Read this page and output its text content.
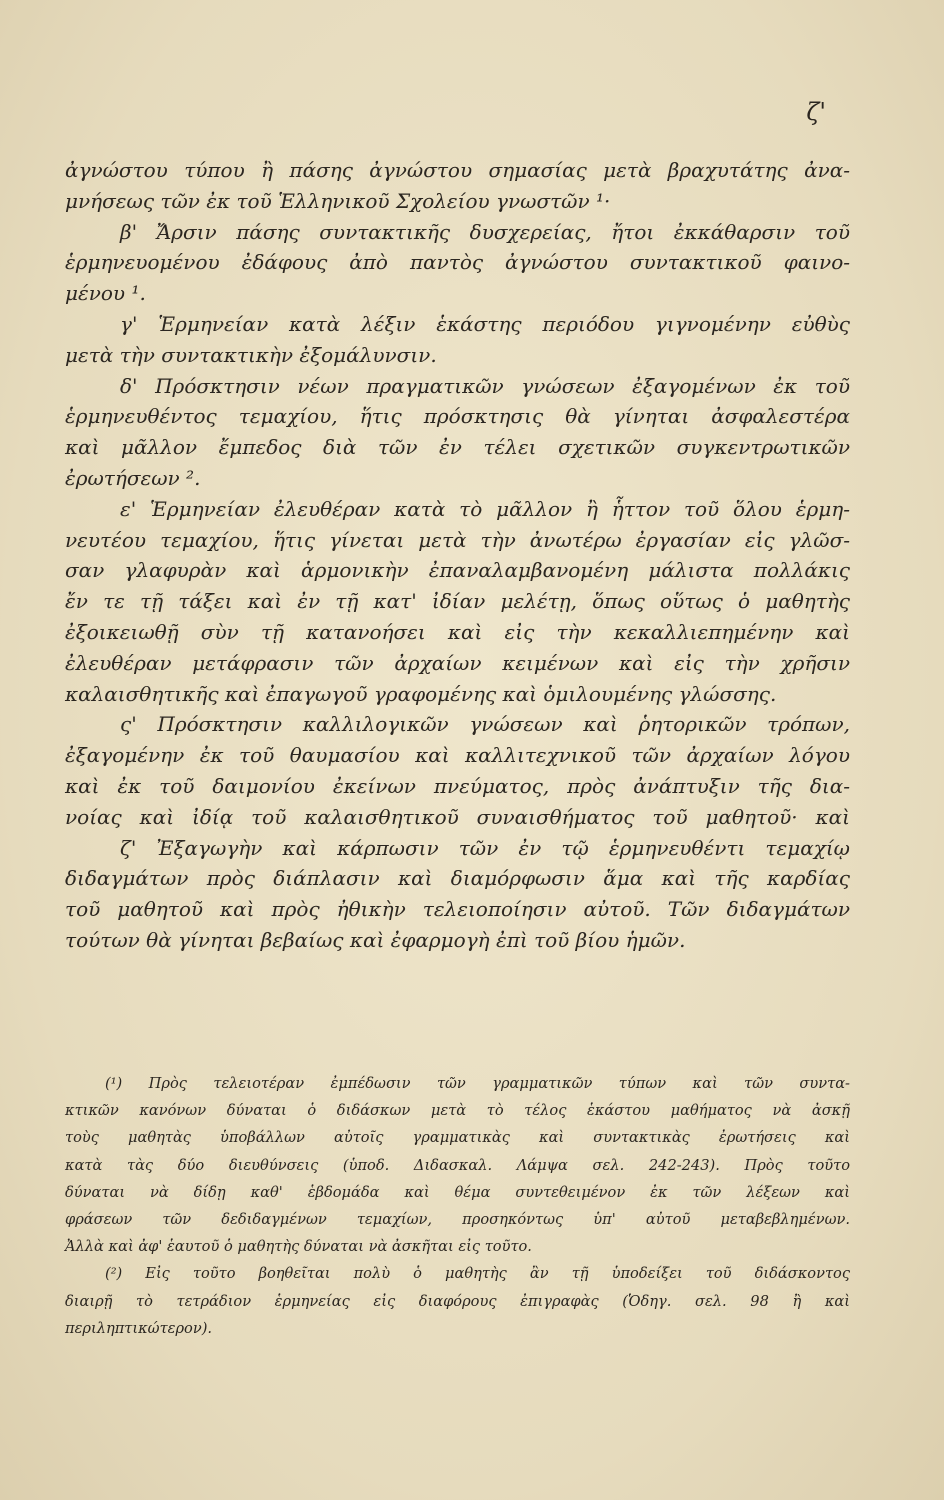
ζ'
ἀγνώστου τύπου ἢ πάσης ἀγνώστου σημασίας μετὰ βραχυτάτης ἀνα-
μνήσεως τῶν ἐκ τοῦ Ἑλληνικοῦ Σχολείου γνωστῶν ¹·
β' Ἄρσιν πάσης συντακτικῆς δυσχερείας, ἤτοι ἐκκάθαρσιν τοῦ
ἑρμηνευομένου ἐδάφους ἀπὸ παντὸς ἀγνώστου συντακτικοῦ φαινο-
μένου ¹.
γ' Ἑρμηνείαν κατὰ λέξιν ἑκάστης περιόδου γιγνομένην εὐθὺς
μετὰ τὴν συντακτικὴν ἐξομάλυνσιν.
δ' Πρόσκτησιν νέων πραγματικῶν γνώσεων ἐξαγομένων ἐκ τοῦ
ἑρμηνευθέντος τεμαχίου, ἥτις πρόσκτησις θὰ γίνηται ἀσφαλεστέρα
καὶ μᾶλλον ἔμπεδος διὰ τῶν ἐν τέλει σχετικῶν συγκεντρωτικῶν
ἐρωτήσεων ².
ε' Ἑρμηνείαν ἐλευθέραν κατὰ τὸ μᾶλλον ἢ ἧττον τοῦ ὅλου ἑρμη-
νευτέου τεμαχίου, ἥτις γίνεται μετὰ τὴν ἀνωτέρω ἐργασίαν εἰς γλῶσ-
σαν γλαφυρὰν καὶ ἁρμονικὴν ἐπαναλαμβανομένη μάλιστα πολλάκις
ἔν τε τῇ τάξει καὶ ἐν τῇ κατ' ἰδίαν μελέτῃ, ὅπως οὕτως ὁ μαθητὴς
ἐξοικειωθῇ σὺν τῇ κατανοήσει καὶ εἰς τὴν κεκαλλιεπημένην καὶ
ἐλευθέραν μετάφρασιν τῶν ἀρχαίων κειμένων καὶ εἰς τὴν χρῆσιν
καλαισθητικῆς καὶ ἐπαγωγοῦ γραφομένης καὶ ὁμιλουμένης γλώσσης.
ς' Πρόσκτησιν καλλιλογικῶν γνώσεων καὶ ῥητορικῶν τρόπων,
ἐξαγομένην ἐκ τοῦ θαυμασίου καὶ καλλιτεχνικοῦ τῶν ἀρχαίων λόγου
καὶ ἐκ τοῦ δαιμονίου ἐκείνων πνεύματος, πρὸς ἀνάπτυξιν τῆς δια-
νοίας καὶ ἰδίᾳ τοῦ καλαισθητικοῦ συναισθήματος τοῦ μαθητοῦ· καὶ
ζ' Ἐξαγωγὴν καὶ κάρπωσιν τῶν ἐν τῷ ἑρμηνευθέντι τεμαχίῳ
διδαγμάτων πρὸς διάπλασιν καὶ διαμόρφωσιν ἅμα καὶ τῆς καρδίας
τοῦ μαθητοῦ καὶ πρὸς ἠθικὴν τελειοποίησιν αὐτοῦ. Τῶν διδαγμάτων
τούτων θὰ γίνηται βεβαίως καὶ ἐφαρμογὴ ἐπὶ τοῦ βίου ἡμῶν.
(¹) Πρὸς τελειοτέραν ἐμπέδωσιν τῶν γραμματικῶν τύπων καὶ τῶν συντα-
κτικῶν κανόνων δύναται ὁ διδάσκων μετὰ τὸ τέλος ἑκάστου μαθήματος νὰ ἀσκῇ
τοὺς μαθητὰς ὑποβάλλων αὐτοῖς γραμματικὰς καὶ συντακτικὰς ἐρωτήσεις καὶ
κατὰ τὰς δύο διευθύνσεις (ὑποδ. Διδασκαλ. Λάμψα σελ. 242-243). Πρὸς τοῦτο
δύναται νὰ δίδῃ καθ' ἑβδομάδα καὶ θέμα συντεθειμένον ἐκ τῶν λέξεων καὶ
φράσεων τῶν δεδιδαγμένων τεμαχίων, προσηκόντως ὑπ' αὐτοῦ μεταβεβλημένων.
Ἀλλὰ καὶ ἀφ' ἑαυτοῦ ὁ μαθητὴς δύναται νὰ ἀσκῆται εἰς τοῦτο.
(²) Εἰς τοῦτο βοηθεῖται πολὺ ὁ μαθητὴς ἂν τῇ ὑποδείξει τοῦ διδάσκοντος
διαιρῇ τὸ τετράδιον ἑρμηνείας εἰς διαφόρους ἐπιγραφὰς (Ὁδηγ. σελ. 98 ἢ καὶ
περιληπτικώτερον).
